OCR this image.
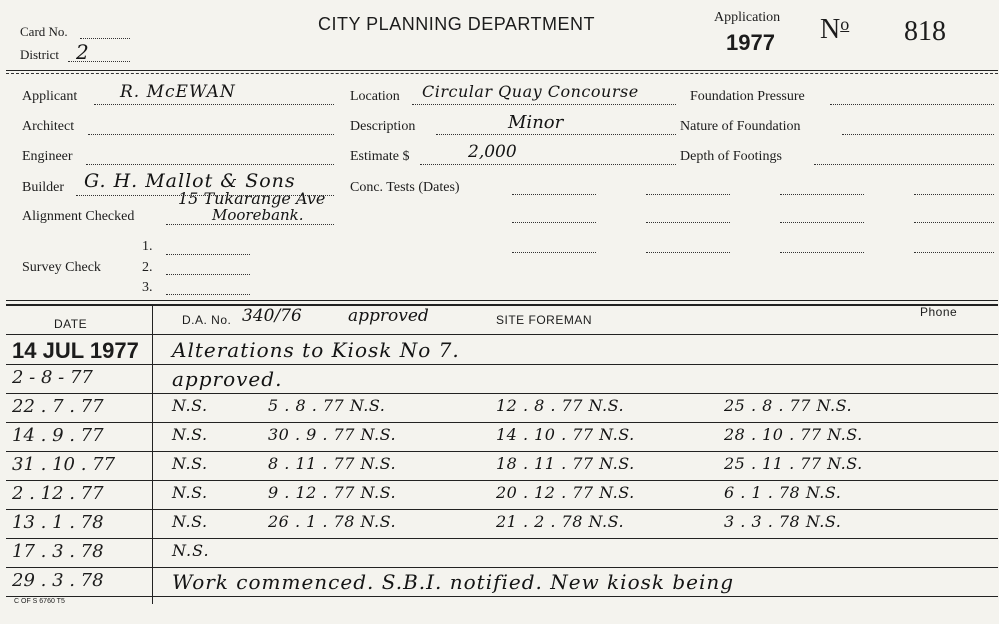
Card No.
District 2
CITY PLANNING DEPARTMENT	Application
1977 $N^o$ 818
Applicant	R. McEWAN
Architect
Engineer
Builder G. H. Mallot & Sons
15 Tukarange Ave
Alignment Checked	Moorebank.
1.
Survey Check	2.
3.
Location Circular Quay Concourse
Description	Minor
Estimate $	2,000
Conc. Tests (Dates)
Foundation Pressure
Nature of Foundation
Depth of Footings
DATE	D.A. No. 340/76	approved	SITE FOREMAN
Phone
14 JUL 1977 Alterations to Kiosk No 7.
2 - 8 - 77	approved.
22 . 7 . 77	N.S.	5 . 8 . 77 N.S.	12 . 8 . 77 N.S.	25 . 8 . 77 N.S.
14 . 9 . 77	N.S.	30 . 9 . 77 N.S.	14 . 10 . 77 N.S.	28 . 10 . 77 N.S.
31 . 10 . 77	N.S.	8 . 11 . 77 N.S.	18 . 11 . 77 N.S.	25 . 11 . 77 N.S.
2 . 12 . 77	N.S.	9 . 12 . 77 N.S.	20 . 12 . 77 N.S.	6 . 1 . 78 N.S.
13 . 1 . 78	N.S.	26 . 1 . 78 N.S.	21 . 2 . 78 N.S.	3 . 3 . 78 N.S.
17 . 3 . 78	N.S.
29 . 3 . 78	Work commenced. S.B.I. notified. New kiosk being
C OF S 6760 T5
